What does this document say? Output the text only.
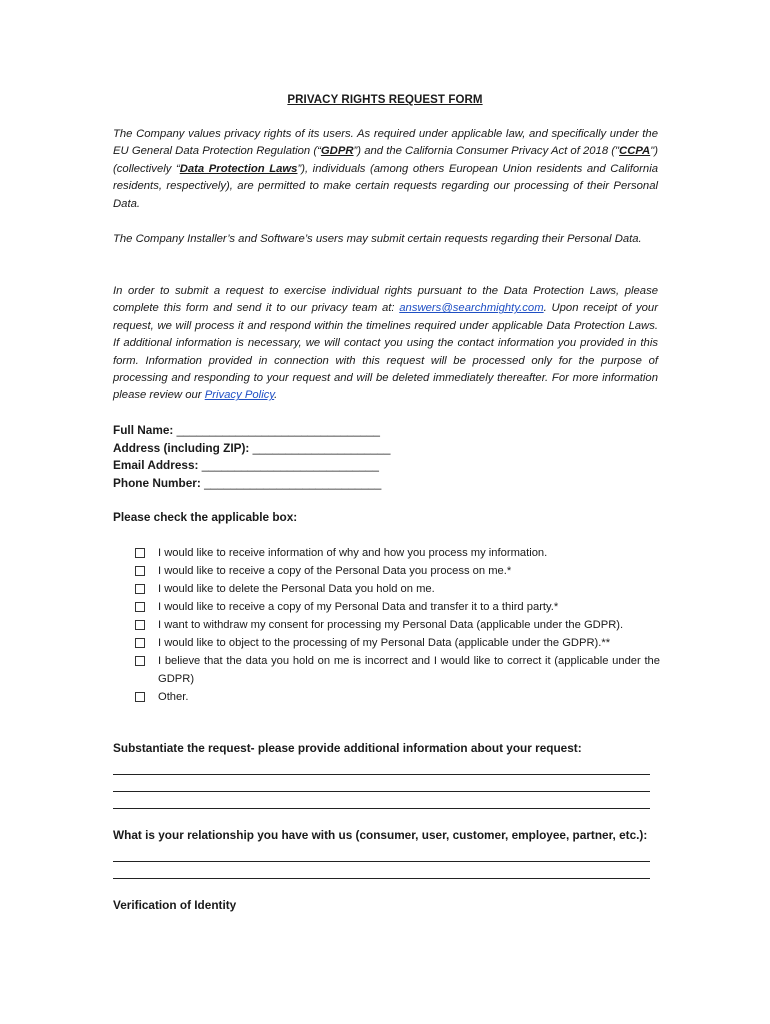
PRIVACY RIGHTS REQUEST FORM
The Company values privacy rights of its users. As required under applicable law, and specifically under the EU General Data Protection Regulation (“GDPR”) and the California Consumer Privacy Act of 2018 ("CCPA") (collectively “Data Protection Laws”), individuals (among others European Union residents and California residents, respectively), are permitted to make certain requests regarding our processing of their Personal Data.
The Company Installer’s and Software’s users may submit certain requests regarding their Personal Data.
In order to submit a request to exercise individual rights pursuant to the Data Protection Laws, please complete this form and send it to our privacy team at: answers@searchmighty.com. Upon receipt of your request, we will process it and respond within the timelines required under applicable Data Protection Laws. If additional information is necessary, we will contact you using the contact information you provided in this form. Information provided in connection with this request will be processed only for the purpose of processing and responding to your request and will be deleted immediately thereafter. For more information please review our Privacy Policy.
Full Name: _______________________________
Address (including ZIP): _____________________
Email Address: ___________________________
Phone Number: ___________________________
Please check the applicable box:
I would like to receive information of why and how you process my information.
I would like to receive a copy of the Personal Data you process on me.*
I would like to delete the Personal Data you hold on me.
I would like to receive a copy of my Personal Data and transfer it to a third party.*
I want to withdraw my consent for processing my Personal Data (applicable under the GDPR).
I would like to object to the processing of my Personal Data (applicable under the GDPR).**
I believe that the data you hold on me is incorrect and I would like to correct it (applicable under the GDPR)
Other.
Substantiate the request- please provide additional information about your request:
What is your relationship you have with us (consumer, user, customer, employee, partner, etc.):
Verification of Identity
